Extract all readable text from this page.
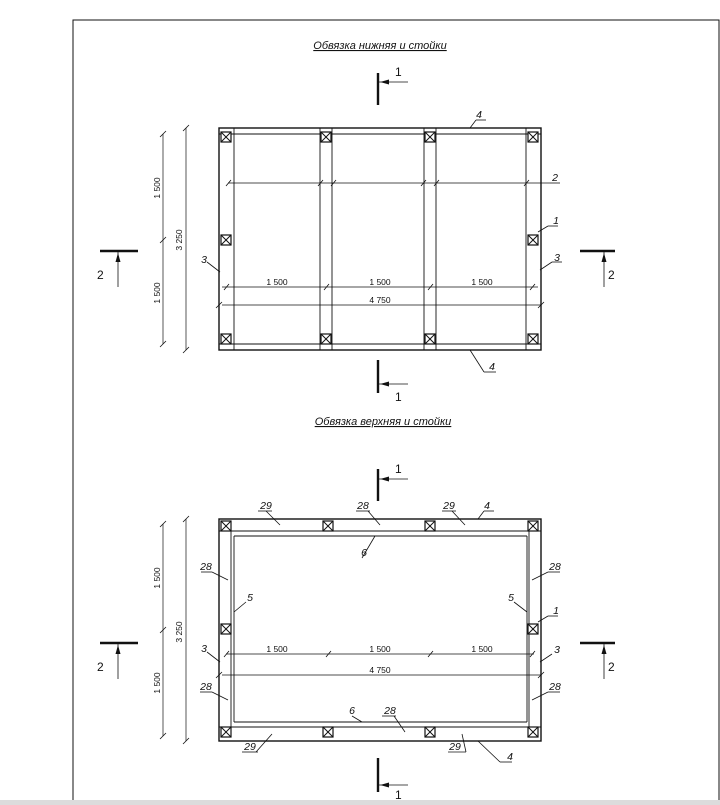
Обвязка нижняя и стойки
1 500	1 500	1 500
4 750
1 500
1 500
3 250
4
2
1
3	3
4
1
1
2	2
Обвязка верхняя и стойки
1 500	1 500	1 500
4 750
1 500
1 500
3 250
29	28	29	4
6
28	28
5	5
1
3	3
28	28
6	28
29	29
4
1
1
2	2
